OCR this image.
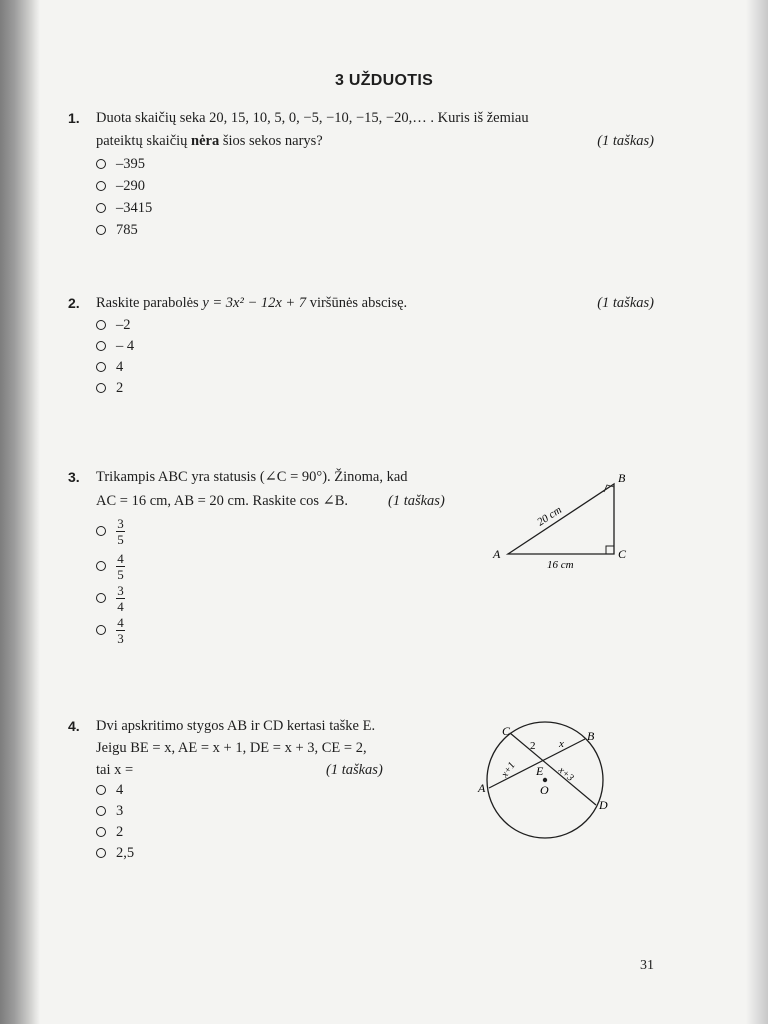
3 UŽDUOTIS
1. Duota skaičių seka 20, 15, 10, 5, 0, −5, −10, −15, −20,… . Kuris iš žemiau
pateiktų skaičių nėra šios sekos narys?	(1 taškas)
–395
–290
–3415
785
2. Raskite parabolės y = 3x² − 12x + 7 viršūnės abscisę.	(1 taškas)
–2
– 4
4
2
3. Trikampis ABC yra statusis (∠C = 90°). Žinoma, kad
AC = 16 cm, AB = 20 cm. Raskite cos ∠B.	(1 taškas)
$\frac{3}{5}$
$\frac{4}{5}$
$\frac{3}{4}$
$\frac{4}{3}$
A
B
C
20 cm
16 cm
4. Dvi apskritimo stygos AB ir CD kertasi taške E.
Jeigu BE = x, AE = x + 1, DE = x + 3, CE = 2,
tai x =	(1 taškas)
4
3
2
2,5
C	B
A
D
E
O
2 x
x+1	x+3
31
